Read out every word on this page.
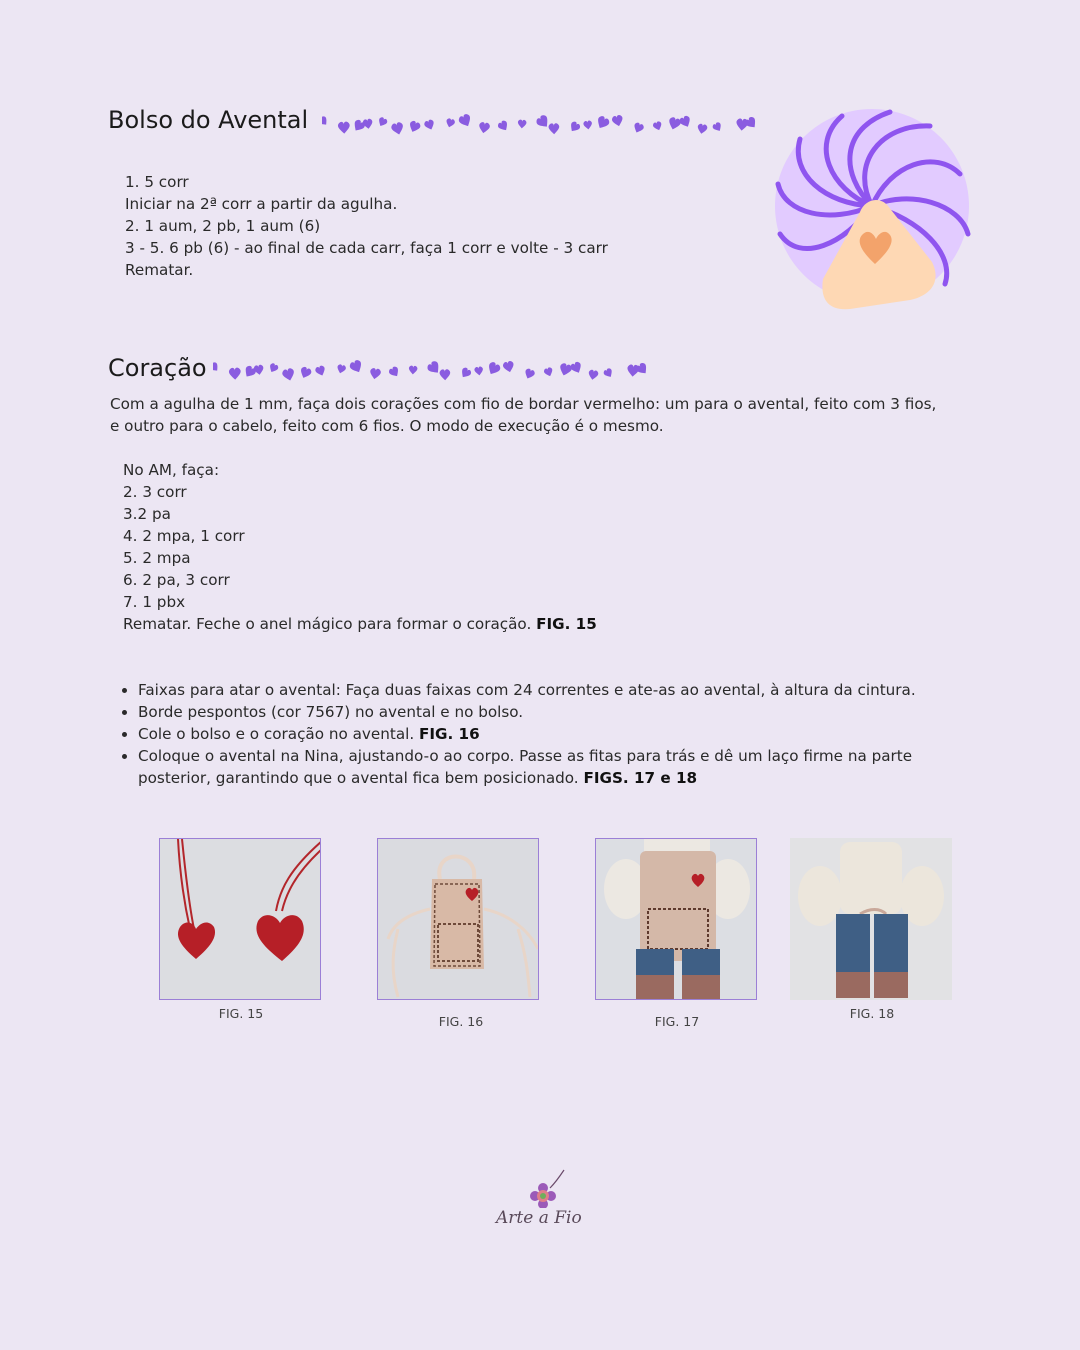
Bolso do Avental
1. 5 corr
Iniciar na 2ª corr a partir da agulha.
2. 1 aum, 2 pb, 1 aum (6)
3 - 5. 6 pb (6) - ao final de cada carr, faça 1 corr e volte - 3 carr
Rematar.
Coração
Com a agulha de 1 mm, faça dois corações com fio de bordar vermelho: um para o avental, feito com 3 fios,
e outro para o cabelo, feito com 6 fios. O modo de execução é o mesmo.
No AM, faça:
2. 3 corr
3.2 pa
4. 2 mpa, 1 corr
5. 2 mpa
6. 2 pa, 3 corr
7. 1 pbx
Rematar. Feche o anel mágico para formar o coração. FIG. 15
• Faixas para atar o avental: Faça duas faixas com 24 correntes e ate-as ao avental, à altura da cintura.
• Borde pespontos (cor 7567) no avental e no bolso.
• Cole o bolso e o coração no avental. FIG. 16
• Coloque o avental na Nina, ajustando-o ao corpo. Passe as fitas para trás e dê um laço firme na parte
posterior, garantindo que o avental fica bem posicionado. FIGS. 17 e 18
FIG. 15
FIG. 16	FIG. 17
FIG. 18
Arte a Fio
